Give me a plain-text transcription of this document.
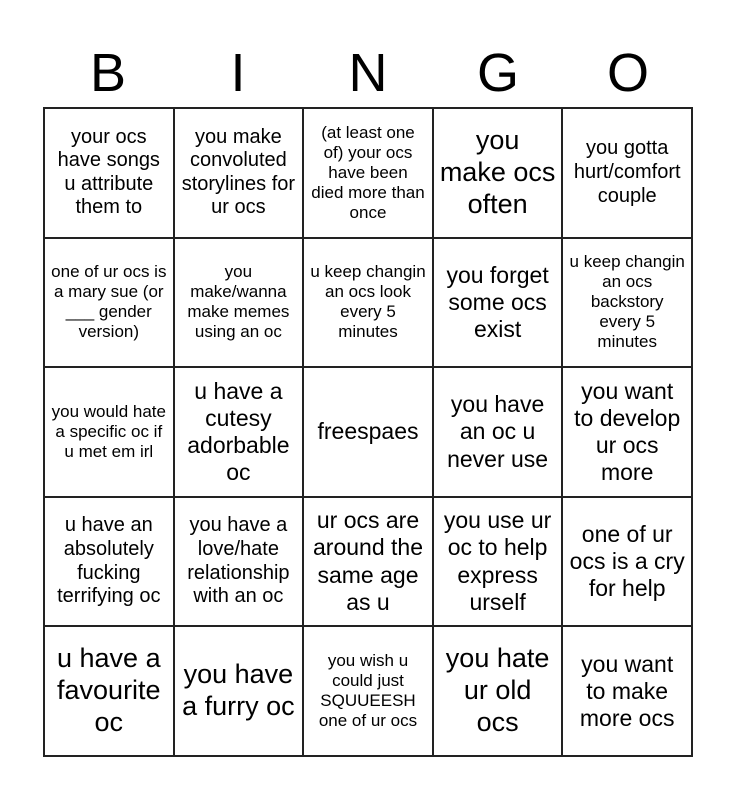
B	I	N	G	O
your ocs have songs u attribute them to
you make convoluted storylines for ur ocs
(at least one of) your ocs have been died more than once
you make ocs often
you gotta hurt/comfort couple
one of ur ocs is a mary sue (or ___ gender version)
you make/wanna make memes using an oc
u keep changin an ocs look every 5 minutes
you forget some ocs exist
u keep changin an ocs backstory every 5 minutes
you would hate a specific oc if u met em irl
u have a cutesy adorbable oc
freespaes
you have an oc u never use
you want to develop ur ocs more
u have an absolutely fucking terrifying oc
you have a love/hate relationship with an oc
ur ocs are around the same age as u
you use ur oc to help express urself
one of ur ocs is a cry for help
u have a favourite oc
you have a furry oc
you wish u could just SQUUEESH one of ur ocs
you hate ur old ocs
you want to make more ocs
